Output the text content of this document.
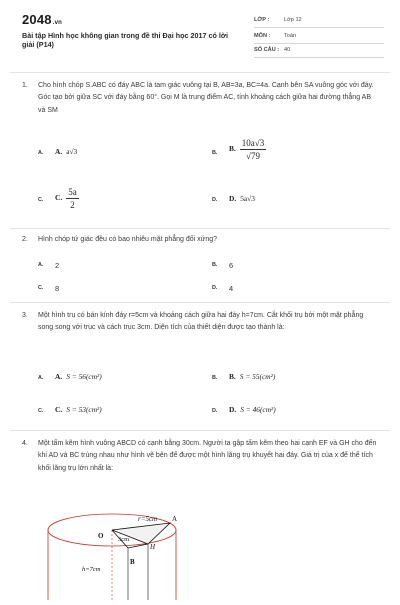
2048.vn
Bài tập Hình học không gian trong đề thi Đại học 2017 có lời giải (P14)
LỚP :	Lớp 12
MÔN : Toán
SỐ CÂU : 40
1. Cho hình chóp S.ABC có đáy ABC là tam giác vuông tại B, AB=3a, BC=4a. Cạnh bên SA vuông góc với đáy. Góc tạo bởi giữa SC với đáy bằng 60°. Gọi M là trung điểm AC, tính khoảng cách giữa hai đường thẳng AB và SM
A. A. a√3	B. B. $\frac{10a√3}{√79}$
C. C. $\frac{5a}{2}$	D. D. 5a√3
2. Hình chóp tứ giác đều có bao nhiêu mặt phẳng đối xứng?
A. 2	B. 6
C. 8	D. 4
3. Một hình trụ có bán kính đáy r=5cm và khoảng cách giữa hai đáy h=7cm. Cắt khối trụ bởi một mặt phẳng song song với trục và cách trục 3cm. Diện tích của thiết diện được tạo thành là:
A. A. S = 56(cm²)	B. B. S = 55(cm²)
C. C. S = 53(cm²)	D. D. S = 46(cm²)
4. Một tấm kẽm hình vuông ABCD có cạnh bằng 30cm. Người ta gập tấm kẽm theo hai cạnh EF và GH cho đến khi AD và BC trùng nhau như hình vẽ bên để được một hình lăng trụ khuyết hai đáy. Giá trị của x để thể tích khối lăng trụ lớn nhất là:
r=5cm A
O 3cm
H
B
h=7cm
